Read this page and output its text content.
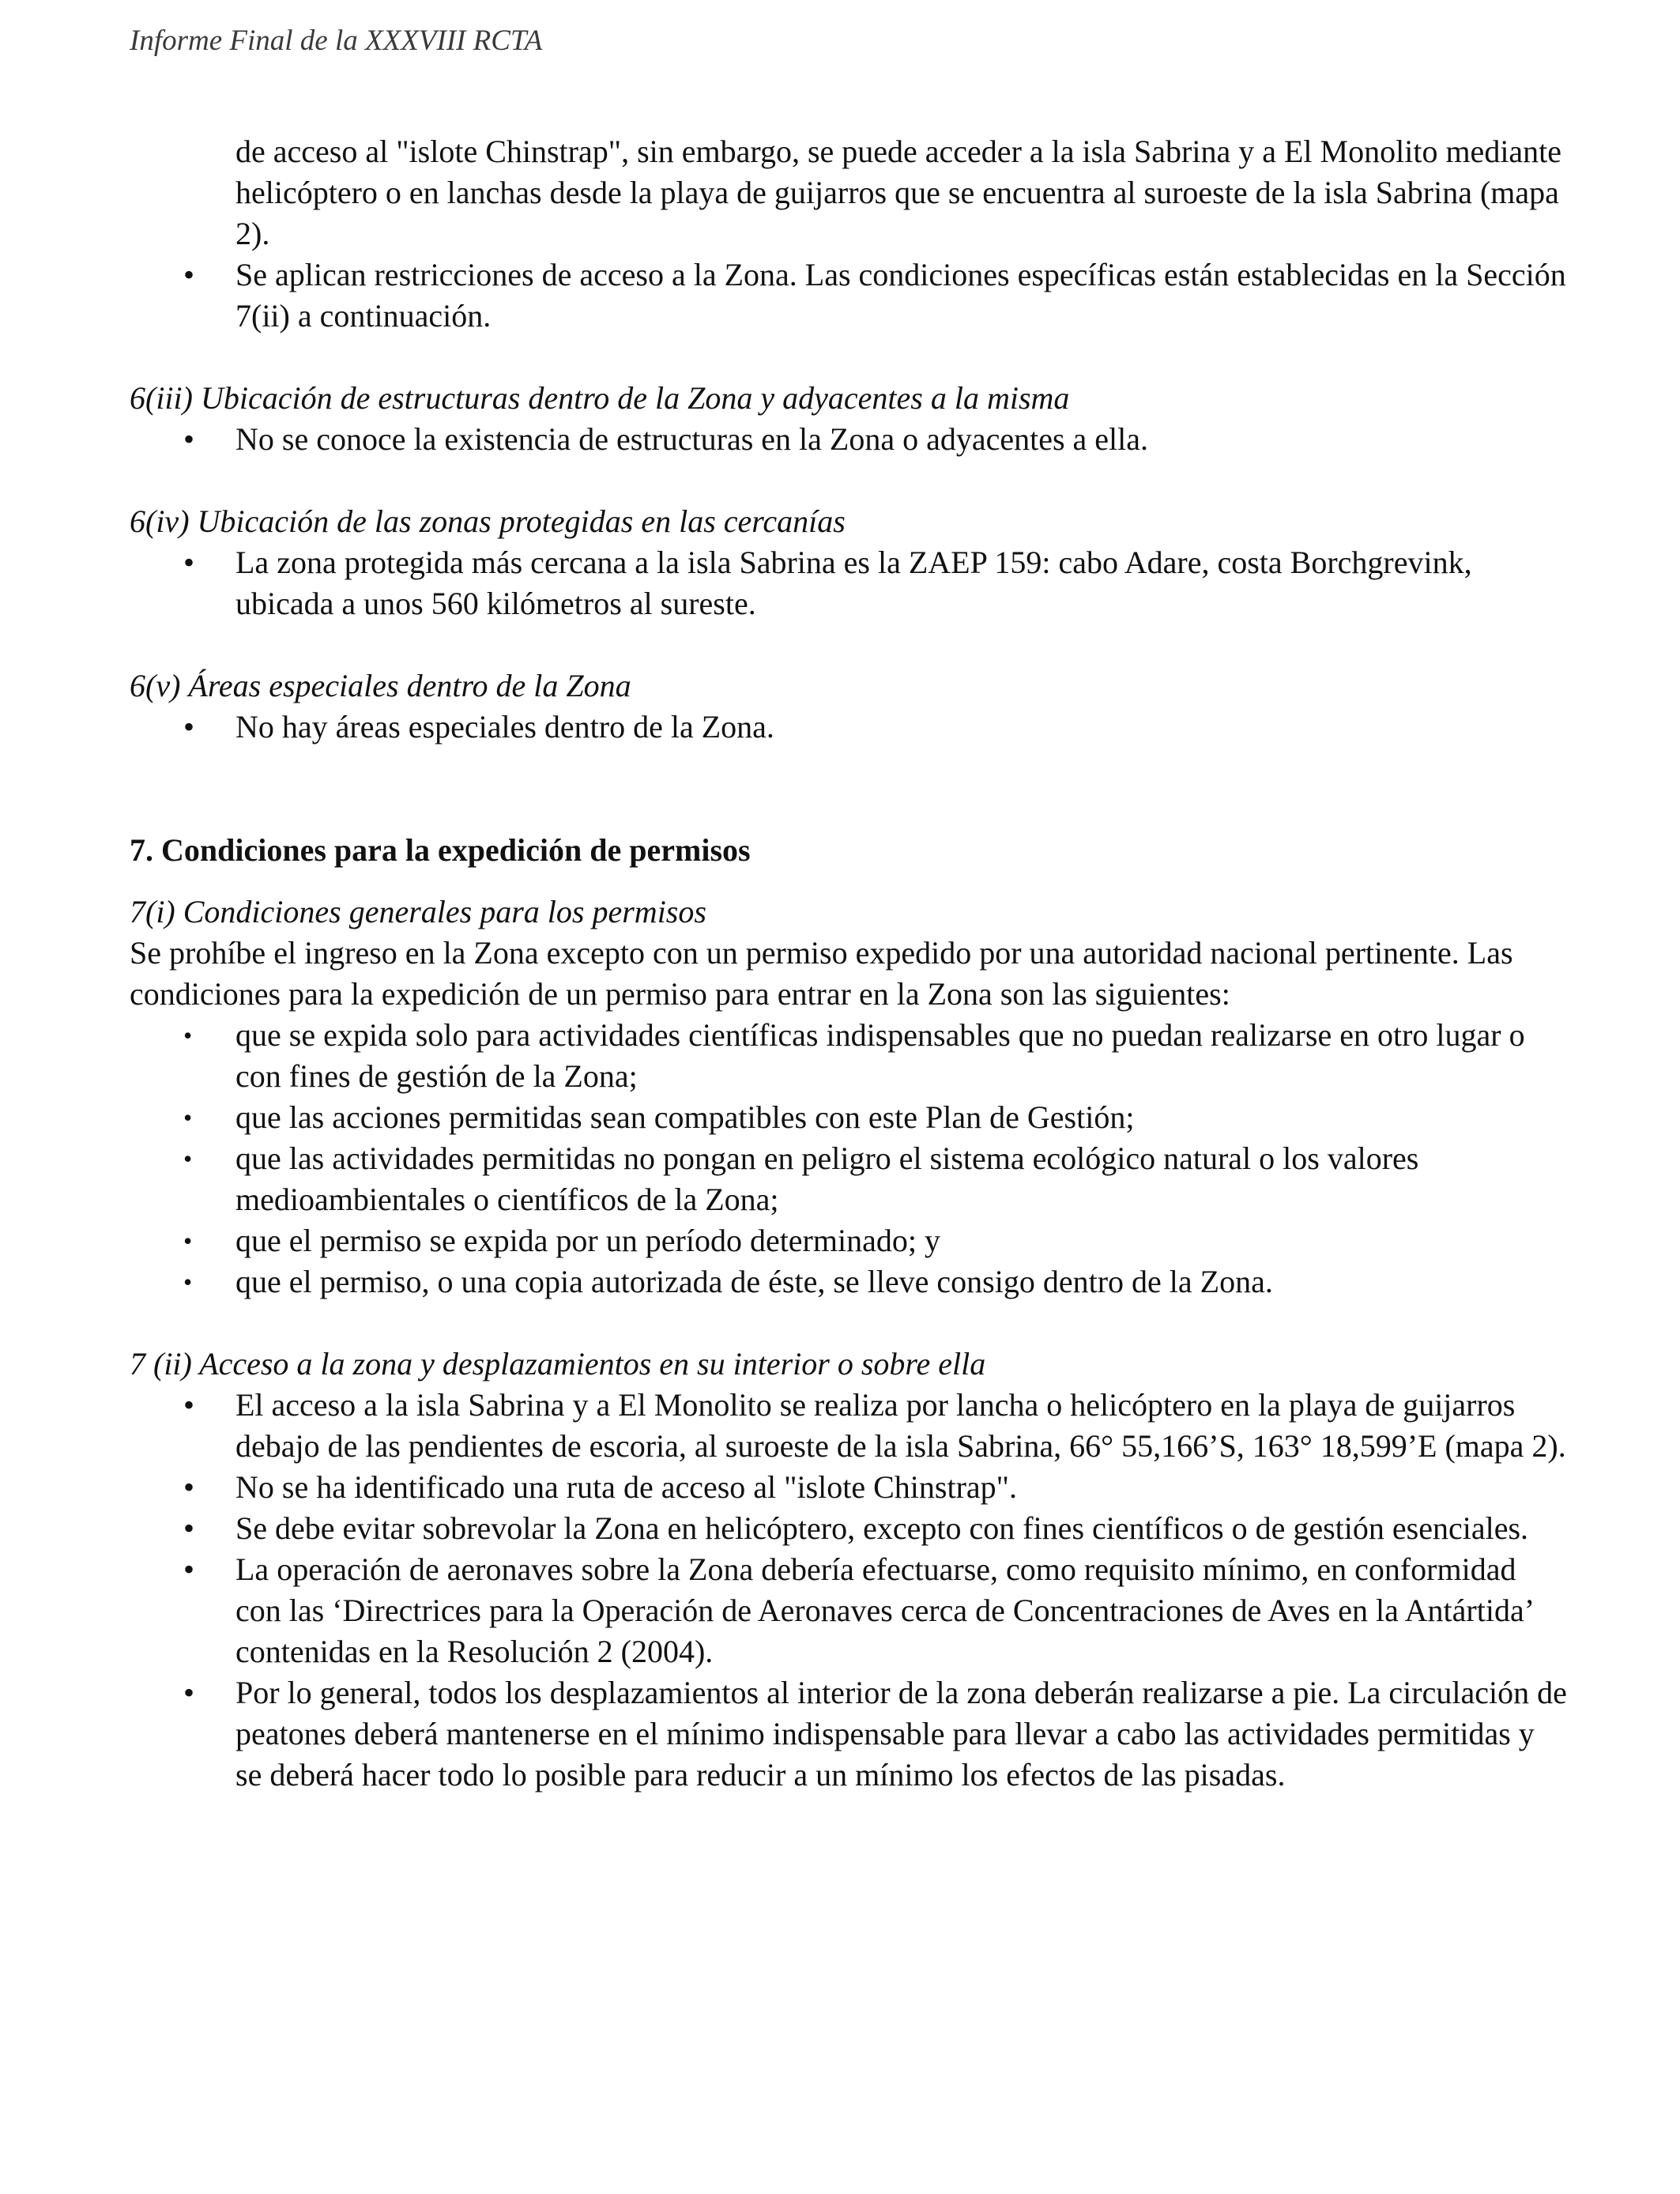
Informe Final de la XXXVIII RCTA

de acceso al "islote Chinstrap", sin embargo, se puede acceder a la isla Sabrina y a El Monolito mediante helicóptero o en lanchas desde la playa de guijarros que se encuentra al suroeste de la isla Sabrina (mapa 2).

• Se aplican restricciones de acceso a la Zona. Las condiciones específicas están establecidas en la Sección 7(ii) a continuación.

6(iii) Ubicación de estructuras dentro de la Zona y adyacentes a la misma

• No se conoce la existencia de estructuras en la Zona o adyacentes a ella.

6(iv) Ubicación de las zonas protegidas en las cercanías

• La zona protegida más cercana a la isla Sabrina es la ZAEP 159: cabo Adare, costa Borchgrevink, ubicada a unos 560 kilómetros al sureste.

6(v) Áreas especiales dentro de la Zona

• No hay áreas especiales dentro de la Zona.

7. Condiciones para la expedición de permisos

7(i) Condiciones generales para los permisos

Se prohíbe el ingreso en la Zona excepto con un permiso expedido por una autoridad nacional pertinente. Las condiciones para la expedición de un permiso para entrar en la Zona son las siguientes:

• que se expida solo para actividades científicas indispensables que no puedan realizarse en otro lugar o con fines de gestión de la Zona;
• que las acciones permitidas sean compatibles con este Plan de Gestión;
• que las actividades permitidas no pongan en peligro el sistema ecológico natural o los valores medioambientales o científicos de la Zona;
• que el permiso se expida por un período determinado; y
• que el permiso, o una copia autorizada de éste, se lleve consigo dentro de la Zona.

7 (ii) Acceso a la zona y desplazamientos en su interior o sobre ella

• El acceso a la isla Sabrina y a El Monolito se realiza por lancha o helicóptero en la playa de guijarros debajo de las pendientes de escoria, al suroeste de la isla Sabrina, 66° 55,166’S, 163° 18,599’E (mapa 2).
• No se ha identificado una ruta de acceso al "islote Chinstrap".
• Se debe evitar sobrevolar la Zona en helicóptero, excepto con fines científicos o de gestión esenciales.
• La operación de aeronaves sobre la Zona debería efectuarse, como requisito mínimo, en conformidad con las ‘Directrices para la Operación de Aeronaves cerca de Concentraciones de Aves en la Antártida’ contenidas en la Resolución 2 (2004).
• Por lo general, todos los desplazamientos al interior de la zona deberán realizarse a pie. La circulación de peatones deberá mantenerse en el mínimo indispensable para llevar a cabo las actividades permitidas y se deberá hacer todo lo posible para reducir a un mínimo los efectos de las pisadas.
